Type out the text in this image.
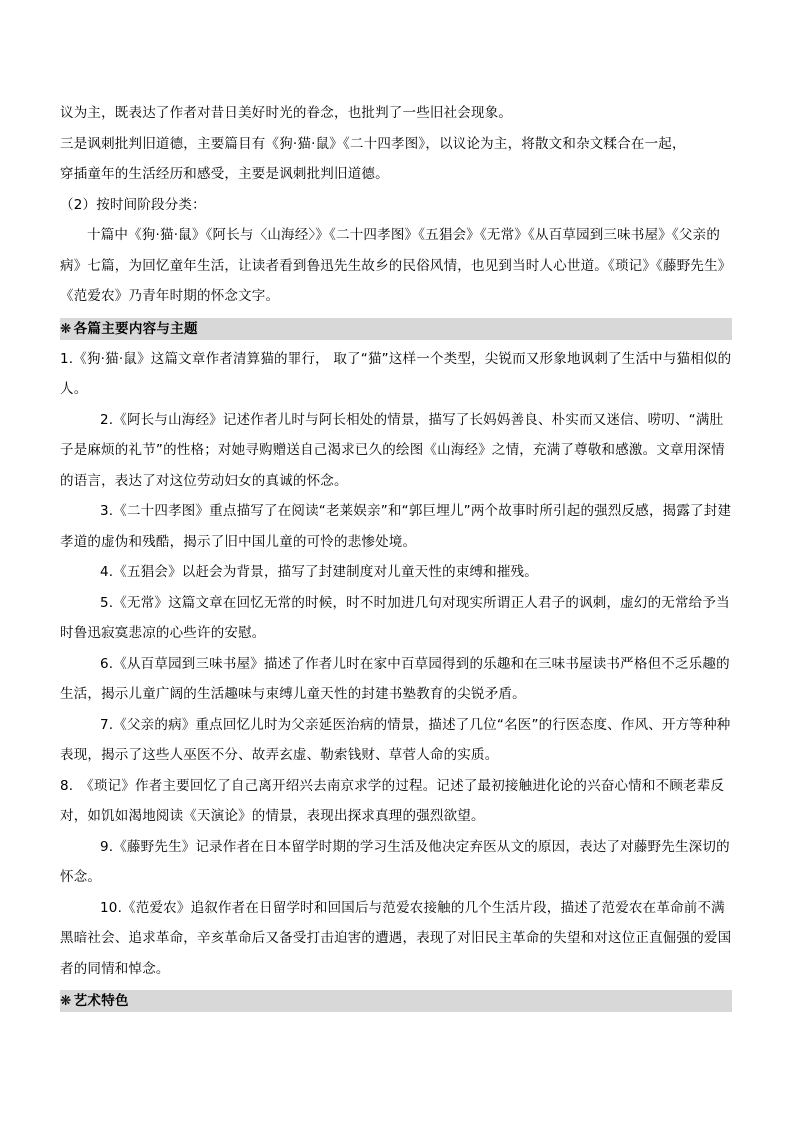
议为主，既表达了作者对昔日美好时光的眷念，也批判了一些旧社会现象。
三是讽刺批判旧道德，主要篇目有《狗·猫·鼠》《二十四孝图》，以议论为主，将散文和杂文糅合在一起，
穿插童年的生活经历和感受，主要是讽刺批判旧道德。
（2）按时间阶段分类：

十篇中《狗·猫·鼠》《阿长与〈山海经〉》《二十四孝图》《五猖会》《无常》《从百草园到三味书屋》《父亲的病》七篇，为回忆童年生活，让读者看到鲁迅先生故乡的民俗风情，也见到当时人心世道。《琐记》《藤野先生》《范爱农》乃青年时期的怀念文字。

❋ 各篇主要内容与主题

1.《狗·猫·鼠》这篇文章作者清算猫的罪行， 取了“猫”这样一个类型，尖锐而又形象地讽刺了生活中与猫相似的人。

2.《阿长与山海经》记述作者儿时与阿长相处的情景，描写了长妈妈善良、朴实而又迷信、唠叨、“满肚子是麻烦的礼节”的性格；对她寻购赠送自己渴求已久的绘图《山海经》之情，充满了尊敬和感激。文章用深情的语言，表达了对这位劳动妇女的真诚的怀念。

3.《二十四孝图》重点描写了在阅读“老莱娱亲”和“郭巨埋儿”两个故事时所引起的强烈反感，揭露了封建孝道的虚伪和残酷，揭示了旧中国儿童的可怜的悲惨处境。

4.《五猖会》以赶会为背景，描写了封建制度对儿童天性的束缚和摧残。

5.《无常》这篇文章在回忆无常的时候，时不时加进几句对现实所谓正人君子的讽刺，虚幻的无常给予当时鲁迅寂寞悲凉的心些许的安慰。

6.《从百草园到三味书屋》描述了作者儿时在家中百草园得到的乐趣和在三味书屋读书严格但不乏乐趣的生活，揭示儿童广阔的生活趣味与束缚儿童天性的封建书塾教育的尖锐矛盾。

7.《父亲的病》重点回忆儿时为父亲延医治病的情景，描述了几位“名医”的行医态度、作风、开方等种种表现，揭示了这些人巫医不分、故弄玄虚、勒索钱财、草菅人命的实质。

8.　《琐记》作者主要回忆了自己离开绍兴去南京求学的过程。记述了最初接触进化论的兴奋心情和不顾老辈反对，如饥如渴地阅读《天演论》的情景，表现出探求真理的强烈欲望。

9.《藤野先生》记录作者在日本留学时期的学习生活及他决定弃医从文的原因，表达了对藤野先生深切的怀念。

10.《范爱农》追叙作者在日留学时和回国后与范爱农接触的几个生活片段，描述了范爱农在革命前不满黑暗社会、追求革命，辛亥革命后又备受打击迫害的遭遇，表现了对旧民主革命的失望和对这位正直倔强的爱国者的同情和悼念。

❋ 艺术特色
